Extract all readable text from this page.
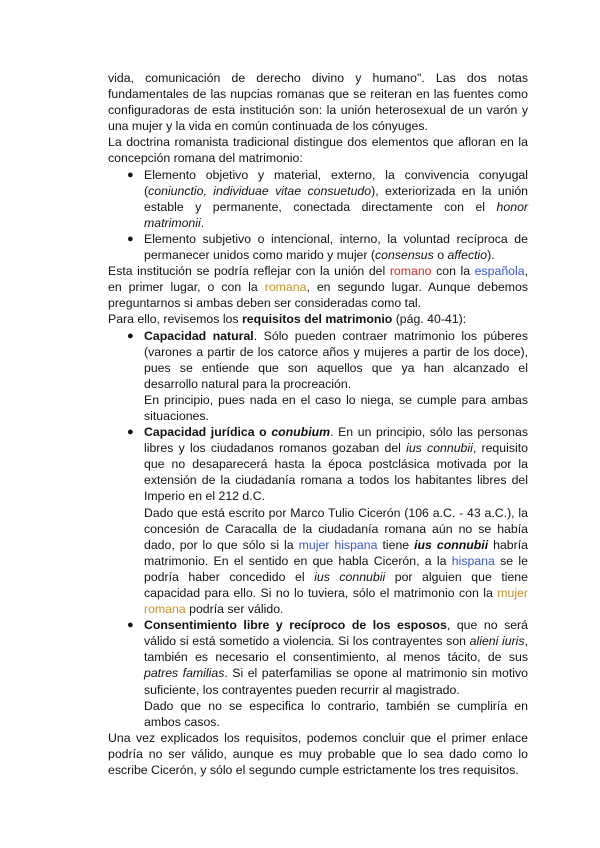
vida, comunicación de derecho divino y humano". Las dos notas fundamentales de las nupcias romanas que se reiteran en las fuentes como configuradoras de esta institución son: la unión heterosexual de un varón y una mujer y la vida en común continuada de los cónyuges.

La doctrina romanista tradicional distingue dos elementos que afloran en la concepción romana del matrimonio:

● Elemento objetivo y material, externo, la convivencia conyugal (coniunctio, individuae vitae consuetudo), exteriorizada en la unión estable y permanente, conectada directamente con el honor matrimonii.
● Elemento subjetivo o intencional, interno, la voluntad recíproca de permanecer unidos como marido y mujer (consensus o affectio).

Esta institución se podría reflejar con la unión del romano con la española, en primer lugar, o con la romana, en segundo lugar. Aunque debemos preguntarnos si ambas deben ser consideradas como tal.

Para ello, revisemos los requisitos del matrimonio (pág. 40-41):

● Capacidad natural. Sólo pueden contraer matrimonio los púberes (varones a partir de los catorce años y mujeres a partir de los doce), pues se entiende que son aquellos que ya han alcanzado el desarrollo natural para la procreación.

En principio, pues nada en el caso lo niega, se cumple para ambas situaciones.

● Capacidad jurídica o conubium. En un principio, sólo las personas libres y los ciudadanos romanos gozaban del ius connubii, requisito que no desaparecerá hasta la época postclásica motivada por la extensión de la ciudadanía romana a todos los habitantes libres del Imperio en el 212 d.C.

Dado que está escrito por Marco Tulio Cicerón (106 a.C. - 43 a.C.), la concesión de Caracalla de la ciudadanía romana aún no se había dado, por lo que sólo si la mujer hispana tiene ius connubii habría matrimonio. En el sentido en que habla Cicerón, a la hispana se le podría haber concedido el ius connubii por alguien que tiene capacidad para ello. Si no lo tuviera, sólo el matrimonio con la mujer romana podría ser válido.

● Consentimiento libre y recíproco de los esposos, que no será válido si está sometido a violencia. Si los contrayentes son alieni iuris, también es necesario el consentimiento, al menos tácito, de sus patres familias. Si el paterfamilias se opone al matrimonio sin motivo suficiente, los contrayentes pueden recurrir al magistrado.

Dado que no se especifica lo contrario, también se cumpliría en ambos casos.

Una vez explicados los requisitos, podemos concluir que el primer enlace podría no ser válido, aunque es muy probable que lo sea dado como lo escribe Cicerón, y sólo el segundo cumple estrictamente los tres requisitos.
